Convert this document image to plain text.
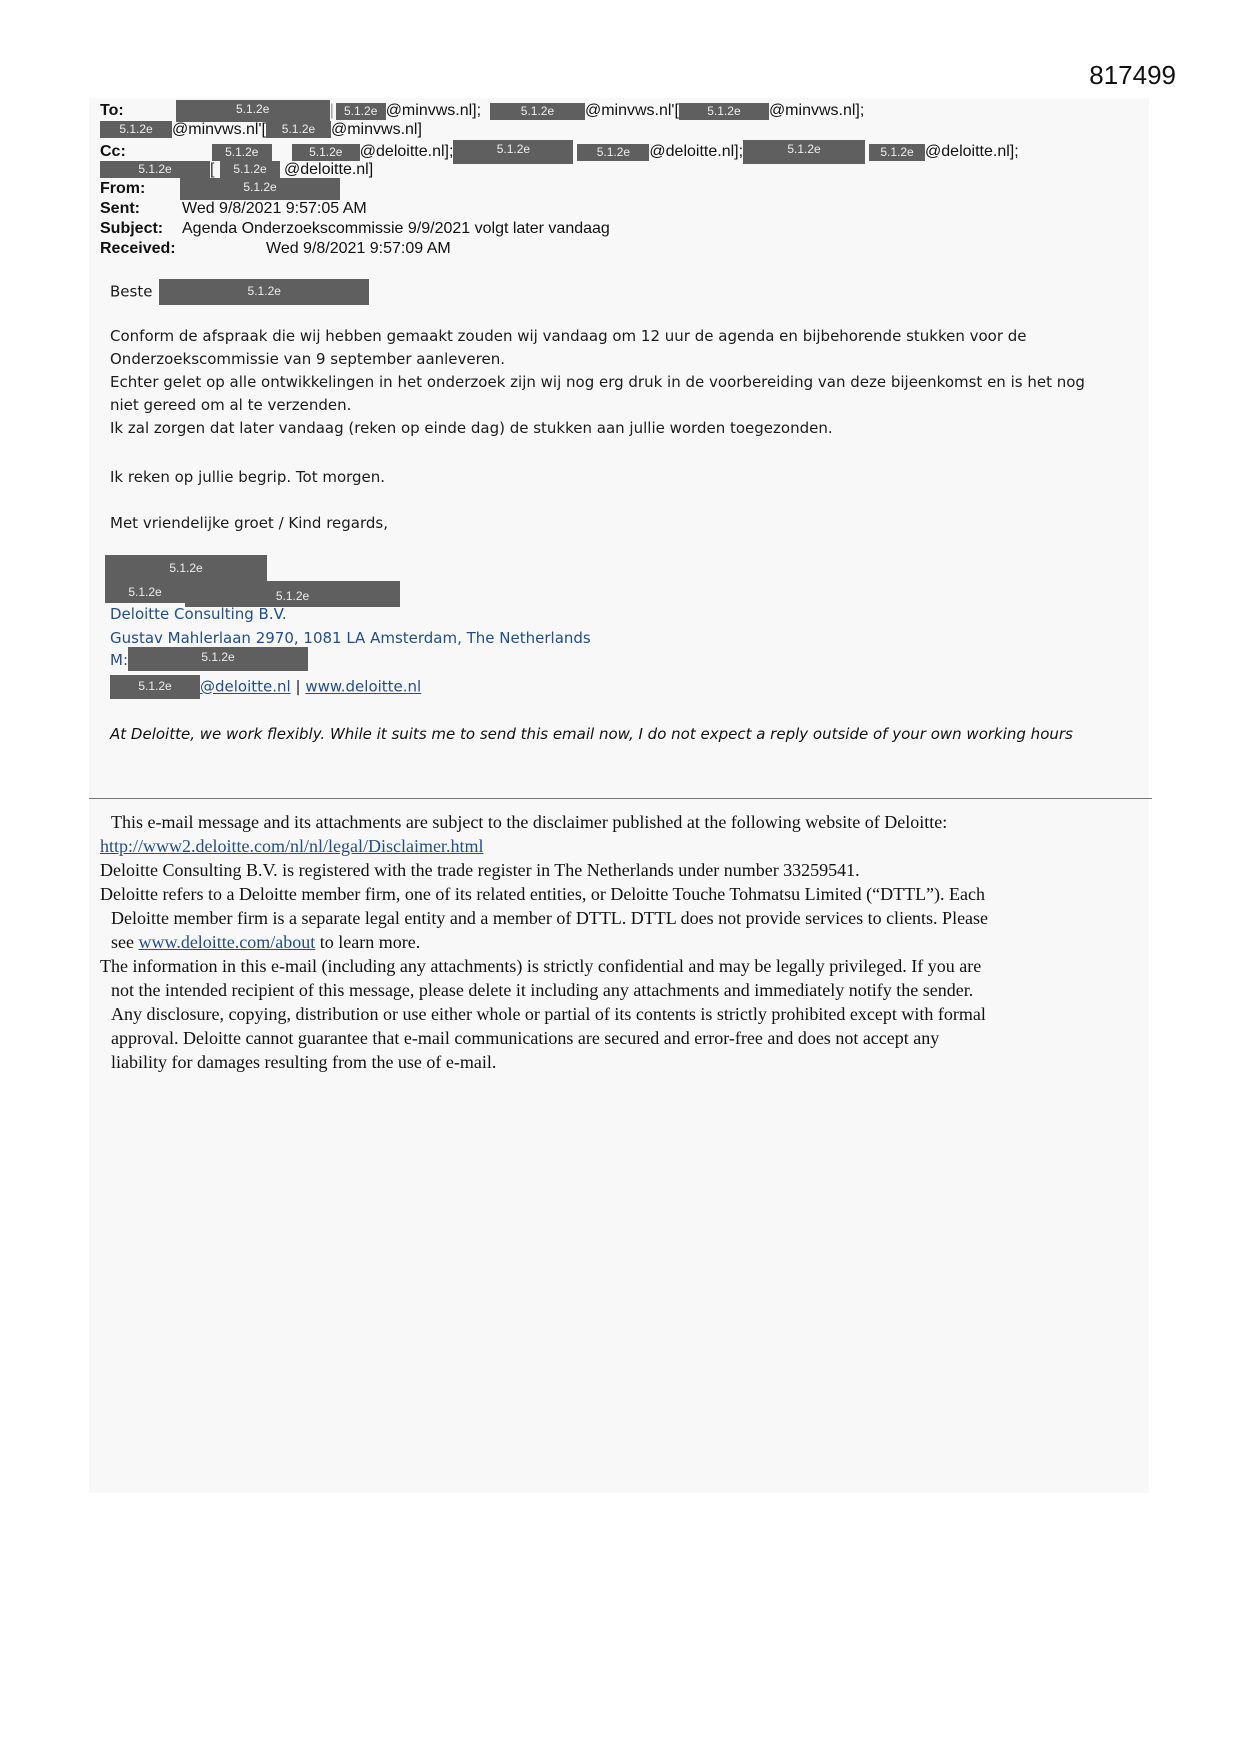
817499
To:	5.1.2e	| 5.1.2e @minvws.nl];	5.1.2e @minvws.nl'[ 5.1.2e @minvws.nl];
5.1.2e @minvws.nl'[ 5.1.2e @minvws.nl]
Cc:	5.1.2e	5.1.2e @deloitte.nl];	5.1.2e	5.1.2e @deloitte.nl];	5.1.2e	5.1.2e @deloitte.nl];
5.1.2e [ 5.1.2e @deloitte.nl]
From:	5.1.2e
Sent:	Wed 9/8/2021 9:57:05 AM
Subject: Agenda Onderzoekscommissie 9/9/2021 volgt later vandaag
Received:	Wed 9/8/2021 9:57:09 AM
Beste	5.1.2e
Conform de afspraak die wij hebben gemaakt zouden wij vandaag om 12 uur de agenda en bijbehorende stukken voor de
Onderzoekscommissie van 9 september aanleveren.
Echter gelet op alle ontwikkelingen in het onderzoek zijn wij nog erg druk in de voorbereiding van deze bijeenkomst en is het nog
niet gereed om al te verzenden.
Ik zal zorgen dat later vandaag (reken op einde dag) de stukken aan jullie worden toegezonden.
Ik reken op jullie begrip. Tot morgen.
Met vriendelijke groet / Kind regards,
5.1.2e
5.1.2e	5.1.2e
Deloitte Consulting B.V.
Gustav Mahlerlaan 2970, 1081 LA Amsterdam, The Netherlands
M:	5.1.2e
5.1.2e @deloitte.nl | www.deloitte.nl
At Deloitte, we work flexibly. While it suits me to send this email now, I do not expect a reply outside of your own working hours

This e-mail message and its attachments are subject to the disclaimer published at the following website of Deloitte:

http://www2.deloitte.com/nl/nl/legal/Disclaimer.html

Deloitte Consulting B.V. is registered with the trade register in The Netherlands under number 33259541.

Deloitte refers to a Deloitte member firm, one of its related entities, or Deloitte Touche Tohmatsu Limited (“DTTL”). Each

Deloitte member firm is a separate legal entity and a member of DTTL. DTTL does not provide services to clients. Please

see www.deloitte.com/about to learn more.

The information in this e-mail (including any attachments) is strictly confidential and may be legally privileged. If you are

not the intended recipient of this message, please delete it including any attachments and immediately notify the sender.

Any disclosure, copying, distribution or use either whole or partial of its contents is strictly prohibited except with formal

approval. Deloitte cannot guarantee that e-mail communications are secured and error-free and does not accept any

liability for damages resulting from the use of e-mail.
